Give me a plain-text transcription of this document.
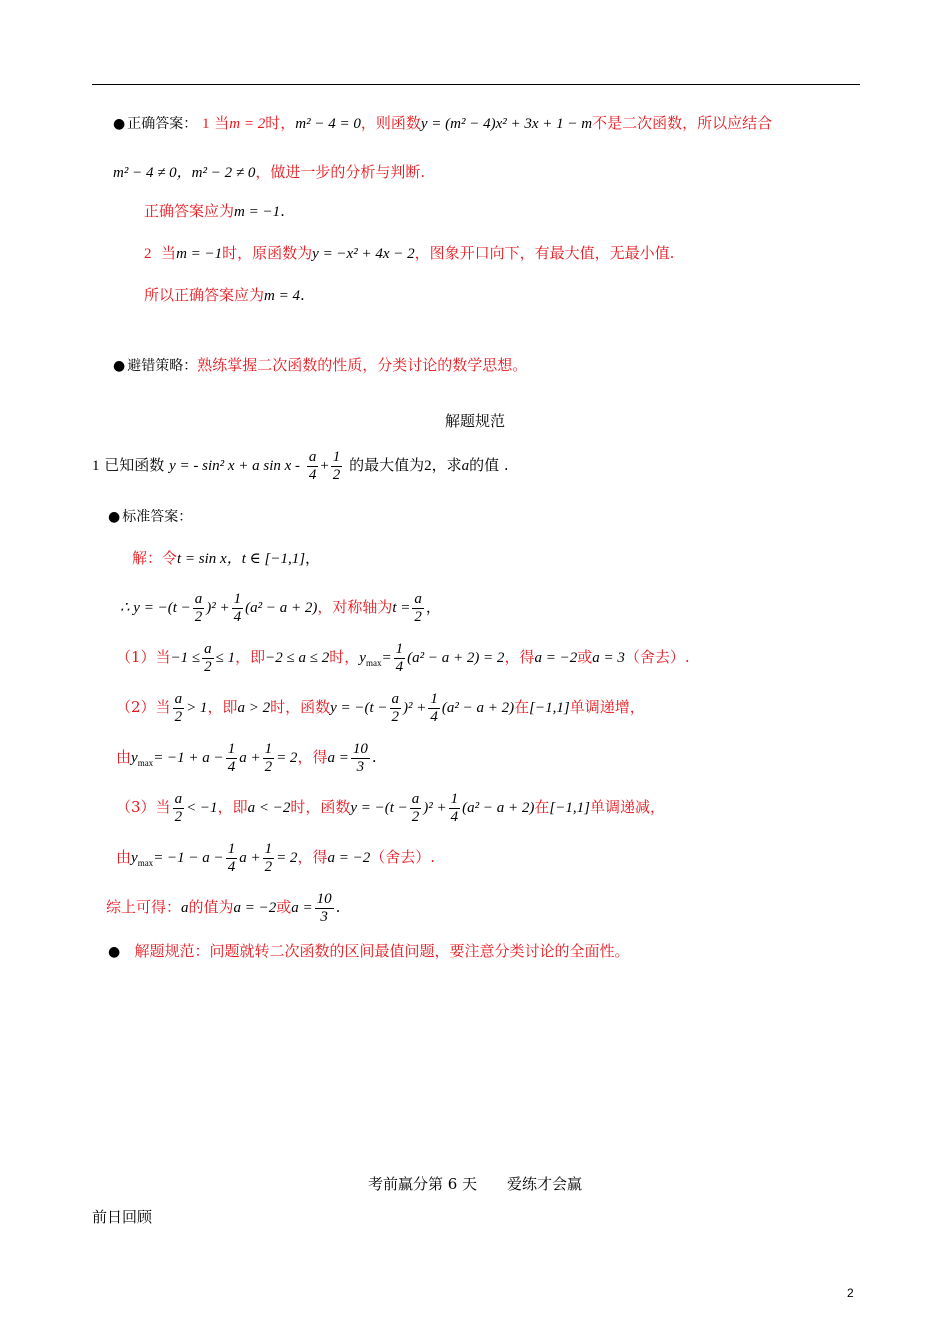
● 正确答案： 1 当m = 2时，m² − 4 = 0，则函数y = (m² − 4)x² + 3x + 1 − m不是二次函数，所以应结合
m² − 4 ≠ 0，m² − 2 ≠ 0，做进一步的分析与判断.
正确答案应为m = −1.
2 当m = −1时，原函数为y = −x² + 4x − 2，图象开口向下，有最大值，无最小值.
所以正确答案应为m = 4.
● 避错策略：熟练掌握二次函数的性质，分类讨论的数学思想。
解题规范
1 已知函数 y = - sin² x + a $\sin x - \frac{a}{4} + \frac{1}{2}$ 的最大值为2，求a的值 .
● 标准答案：
解：令t = sin x，t ∈ [−1,1]，
∴ $y = -(t - \frac{a}{2} )^2 + \frac{1}{4} (a^2 - a + 2)$，对称轴为$t = \frac{a}{2}$ ，
（1）当$-1 \le \frac{a}{2} \le 1$，即−2 ≤ a ≤ 2时，$y_{max}= \frac{1}{4} (a^2 - a + 2) = 2$，得a = −2或a = 3（舍去）.
（2）当 $\frac{a}{2} > 1$，即a > 2时，函数$y = -(t - \frac{a}{2} )^2 + \frac{1}{4} (a^2 - a + 2)$在[−1,1]单调递增，
由$y_{max}= -1 + a - \frac{1}{4}$ $a + \frac{1}{2} = 2$，得$a = \frac{10}{3}$ .
（3）当 $\frac{a}{2} < -1$，即a < −2时，函数$y = -(t - \frac{a}{2} )^2 + \frac{1}{4} (a^2 - a + 2)$在[−1,1]单调递减，
由$y_{max}= -1 - a - \frac{1}{4}$ $a + \frac{1}{2} = 2$，得a = −2（舍去）.
综上可得：a的值为a = −2或$a = \frac{10}{3}$ .
● 解题规范：问题就转二次函数的区间最值问题，要注意分类讨论的全面性。
考前赢分第 6 天　　爱练才会赢
前日回顾
2
